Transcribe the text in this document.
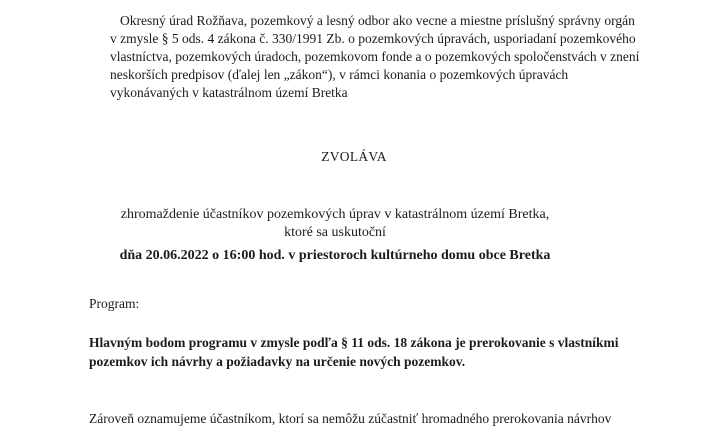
Okresný úrad Rožňava, pozemkový a lesný odbor ako vecne a miestne príslušný správny orgán
v zmysle § 5 ods. 4 zákona č. 330/1991 Zb. o pozemkových úpravách, usporiadaní pozemkového
vlastníctva, pozemkových úradoch, pozemkovom fonde a o pozemkových spoločenstvách v znení
neskorších predpisov (ďalej len „zákon“), v rámci konania o pozemkových úpravách
vykonávaných v katastrálnom území Bretka
ZVOLÁVA
zhromaždenie účastníkov pozemkových úprav v katastrálnom území Bretka,
ktoré sa uskutoční
dňa 20.06.2022 o 16:00 hod. v priestoroch kultúrneho domu obce Bretka
Program:
Hlavným bodom programu v zmysle podľa § 11 ods. 18 zákona je prerokovanie s vlastníkmi
pozemkov ich návrhy a požiadavky na určenie nových pozemkov.
Zároveň oznamujeme účastníkom, ktorí sa nemôžu zúčastniť hromadného prerokovania návrhov
